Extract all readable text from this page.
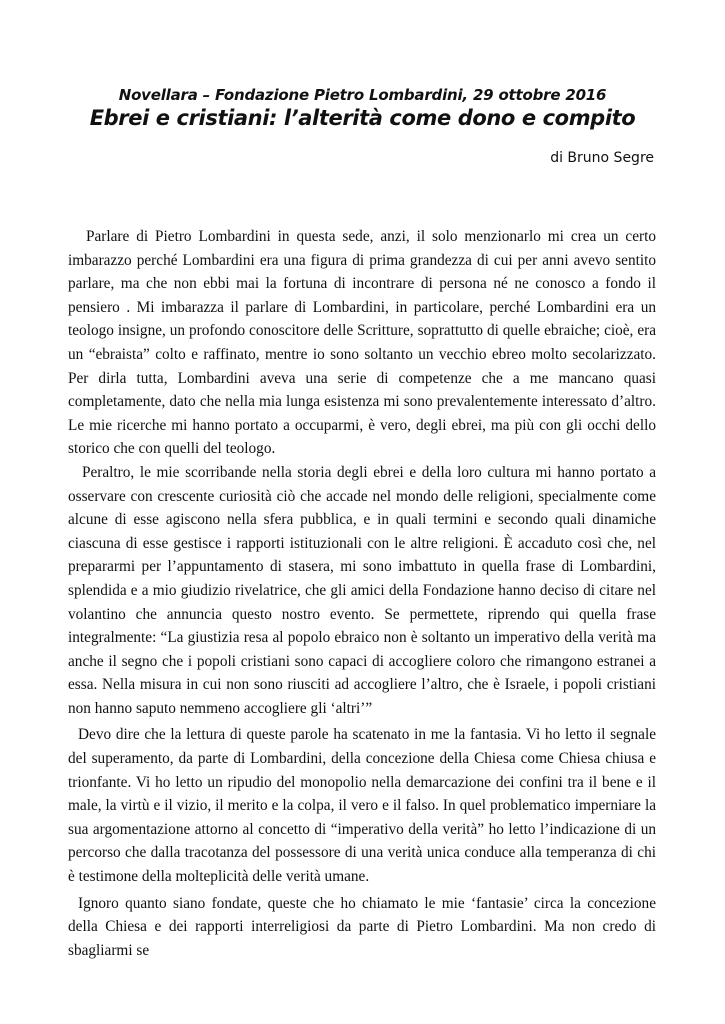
Novellara – Fondazione Pietro Lombardini, 29 ottobre 2016
Ebrei e cristiani: l’alterità come dono e compito
di Bruno Segre

Parlare di Pietro Lombardini in questa sede, anzi, il solo menzionarlo mi crea un certo imbarazzo perché Lombardini era una figura di prima grandezza di cui per anni avevo sentito parlare, ma che non ebbi mai la fortuna di incontrare di persona né ne conosco a fondo il pensiero . Mi imbarazza il parlare di Lombardini, in particolare, perché Lombardini era un teologo insigne, un profondo conoscitore delle Scritture, soprattutto di quelle ebraiche; cioè, era un “ebraista” colto e raffinato, mentre io sono soltanto un vecchio ebreo molto secolarizzato. Per dirla tutta, Lombardini aveva una serie di competenze che a me mancano quasi completamente, dato che nella mia lunga esistenza mi sono prevalentemente interessato d’altro. Le mie ricerche mi hanno portato a occuparmi, è vero, degli ebrei, ma più con gli occhi dello storico che con quelli del teologo.

Peraltro, le mie scorribande nella storia degli ebrei e della loro cultura mi hanno portato a osservare con crescente curiosità ciò che accade nel mondo delle religioni, specialmente come alcune di esse agiscono nella sfera pubblica, e in quali termini e secondo quali dinamiche ciascuna di esse gestisce i rapporti istituzionali con le altre religioni. È accaduto così che, nel prepararmi per l’appuntamento di stasera, mi sono imbattuto in quella frase di Lombardini, splendida e a mio giudizio rivelatrice, che gli amici della Fondazione hanno deciso di citare nel volantino che annuncia questo nostro evento. Se permettete, riprendo qui quella frase integralmente: “La giustizia resa al popolo ebraico non è soltanto un imperativo della verità ma anche il segno che i popoli cristiani sono capaci di accogliere coloro che rimangono estranei a essa. Nella misura in cui non sono riusciti ad accogliere l’altro, che è Israele, i popoli cristiani non hanno saputo nemmeno accogliere gli ‘altri’”

Devo dire che la lettura di queste parole ha scatenato in me la fantasia. Vi ho letto il segnale del superamento, da parte di Lombardini, della concezione della Chiesa come Chiesa chiusa e trionfante. Vi ho letto un ripudio del monopolio nella demarcazione dei confini tra il bene e il male, la virtù e il vizio, il merito e la colpa, il vero e il falso. In quel problematico imperniare la sua argomentazione attorno al concetto di “imperativo della verità” ho letto l’indicazione di un percorso che dalla tracotanza del possessore di una verità unica conduce alla temperanza di chi è testimone della molteplicità delle verità umane.

Ignoro quanto siano fondate, queste che ho chiamato le mie ‘fantasie’ circa la concezione della Chiesa e dei rapporti interreligiosi da parte di Pietro Lombardini. Ma non credo di sbagliarmi se
